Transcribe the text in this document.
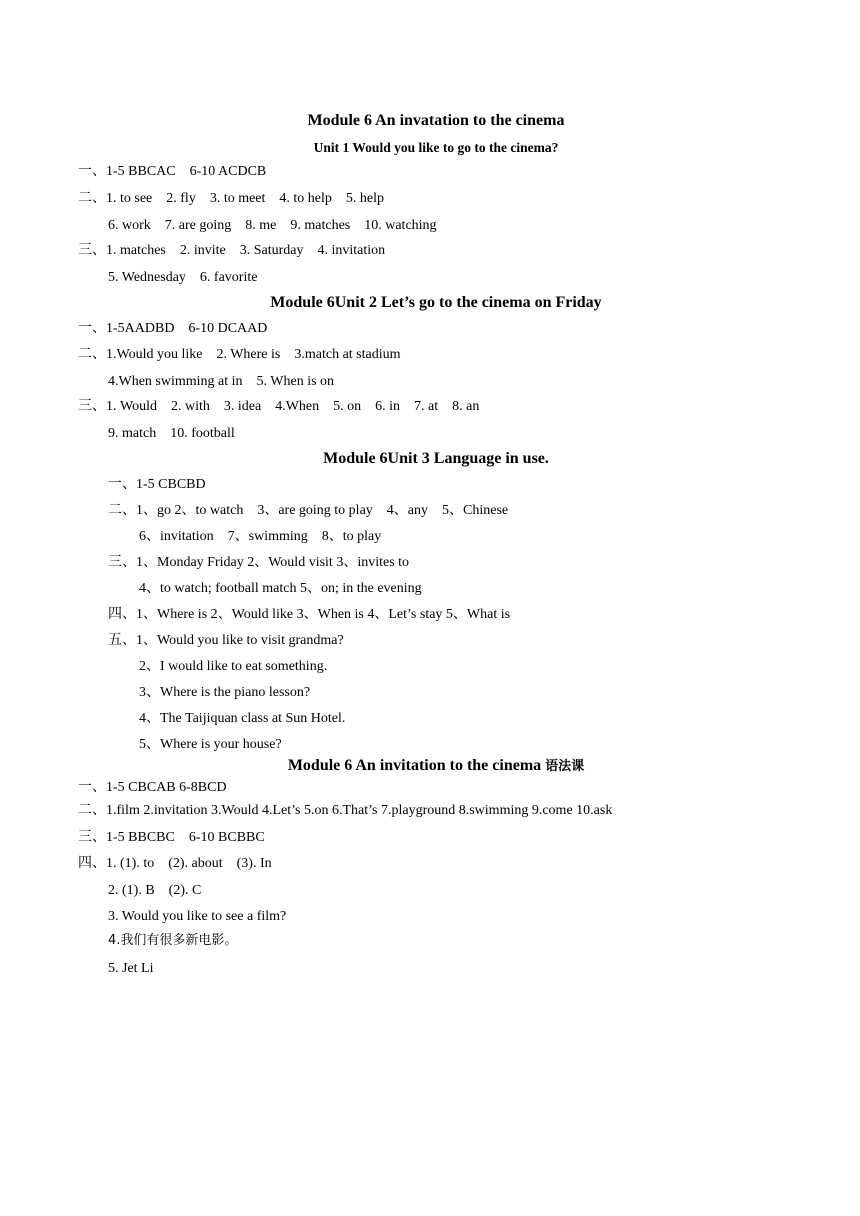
Module 6 An invatation to the cinema
Unit 1 Would you like to go to the cinema?
一、1-5 BBCAC    6-10 ACDCB
二、1. to see    2. fly    3. to meet    4. to help    5. help
6. work    7. are going    8. me    9. matches    10. watching
三、1. matches    2. invite    3. Saturday    4. invitation
5. Wednesday    6. favorite
Module 6Unit 2 Let’s go to the cinema on Friday
一、1-5AADBD    6-10 DCAAD
二、1.Would you like    2. Where is    3.match at stadium
4.When swimming at in    5. When is on
三、1. Would    2. with    3. idea    4.When    5. on    6. in    7. at    8. an
9. match    10. football
Module 6Unit 3 Language in use.
一、1-5 CBCBD
二、1、go 2、to watch    3、are going to play    4、any    5、Chinese
6、invitation    7、swimming    8、to play
三、1、Monday Friday 2、Would visit 3、invites to
4、to watch; football match 5、on; in the evening
四、1、Where is 2、Would like 3、When is 4、Let’s stay 5、What is
五、1、Would you like to visit grandma?
2、I would like to eat something.
3、Where is the piano lesson?
4、The Taijiquan class at Sun Hotel.
5、Where is your house?
Module 6 An invitation to the cinema 语法课
一、1-5 CBCAB 6-8BCD
二、1.film 2.invitation 3.Would 4.Let’s 5.on 6.That’s 7.playground 8.swimming 9.come 10.ask
三、1-5 BBCBC    6-10 BCBBC
四、1. (1). to    (2). about    (3). In
2. (1). B    (2). C
3. Would you like to see a film?
4.我们有很多新电影。
5. Jet Li
